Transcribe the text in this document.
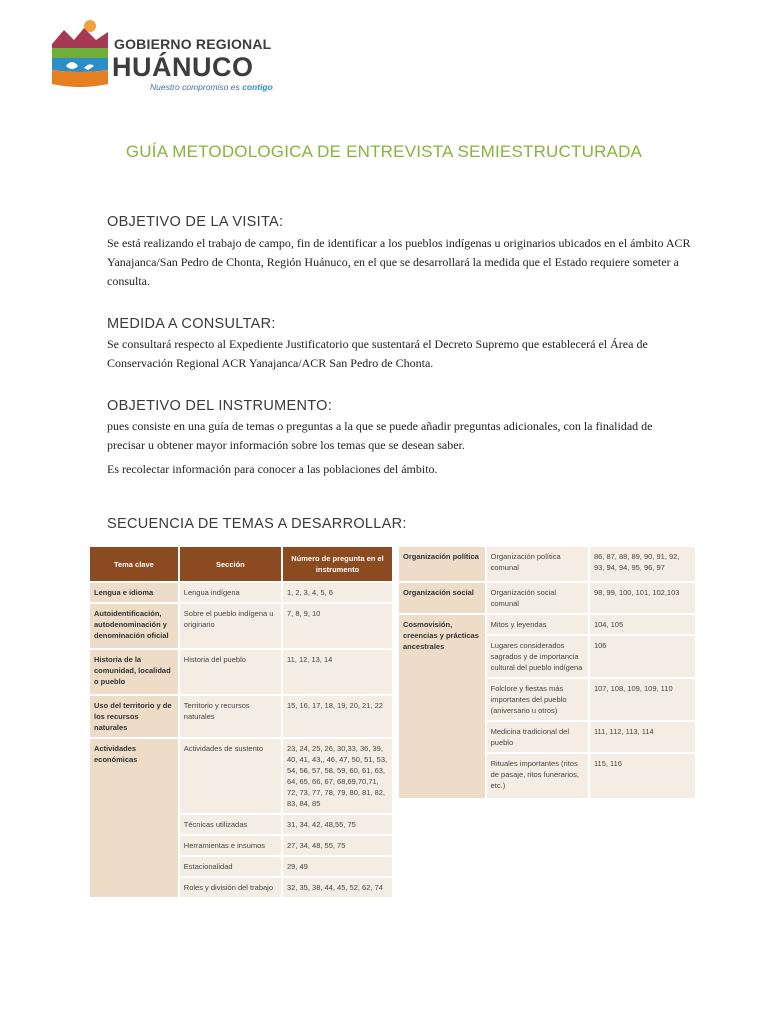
GOBIERNO REGIONAL
HUÁNUCO
Nuestro compromiso es contigo
GUÍA METODOLOGICA DE ENTREVISTA SEMIESTRUCTURADA
OBJETIVO DE LA VISITA:
Se está realizando el trabajo de campo, fin de identificar a los pueblos indígenas u originarios ubicados en el ámbito ACR Yanajanca/San Pedro de Chonta, Región Huánuco, en el que se desarrollará la medida que el Estado requiere someter a consulta.
MEDIDA A CONSULTAR:
Se consultará respecto al Expediente Justificatorio que sustentará el Decreto Supremo que establecerá el Área de Conservación Regional ACR Yanajanca/ACR San Pedro de Chonta.
OBJETIVO DEL INSTRUMENTO:
pues consiste en una guía de temas o preguntas a la que se puede añadir preguntas adicionales, con la finalidad de precisar u obtener mayor información sobre los temas que se desean saber.
Es recolectar información para conocer a las poblaciones del ámbito.
SECUENCIA DE TEMAS A DESARROLLAR:
Tema clave	Sección	Número de pregunta en el instrumento
Lengua e idioma	Lengua indígena	1, 2, 3, 4, 5, 6
Autoidentificación, autodenominación y denominación oficial	Sobre el pueblo indígena u originario	7, 8, 9, 10
Historia de la comunidad, localidad o pueblo	Historia del pueblo	11, 12, 13, 14
Uso del territorio y de los recursos naturales	Territorio y recursos naturales	15, 16, 17, 18, 19, 20, 21, 22
Actividades económicas	Actividades de sustento	23, 24, 25, 26, 30,33, 36, 39, 40, 41, 43,, 46, 47, 50, 51, 53, 54, 56, 57, 58, 59, 60, 61, 63, 64, 65, 66, 67, 68,69,70,71, 72, 73, 77, 78, 79, 80, 81, 82, 83, 84, 85
	Técnicas utilizadas	31, 34, 42, 48,55, 75
	Herramientas e insumos	27, 34, 48, 55, 75
	Estacionalidad	29, 49
	Roles y división del trabajo	32, 35, 38, 44, 45, 52, 62, 74
Organización política	Organización política comunal	86, 87, 88, 89, 90, 91, 92, 93, 94, 94, 95, 96, 97
Organización social	Organización social comunal	98, 99, 100, 101, 102,103
Cosmovisión, creencias y prácticas ancestrales	Mitos y leyendas	104, 105
	Lugares considerados sagrados y de importancia cultural del pueblo indígena	106
	Folclore y fiestas más importantes del pueblo (aniversario u otros)	107, 108, 109, 109, 110
	Medicina tradicional del pueblo	111, 112, 113, 114
	Rituales importantes (ritos de pasaje, ritos funerarios, etc.)	115, 116
